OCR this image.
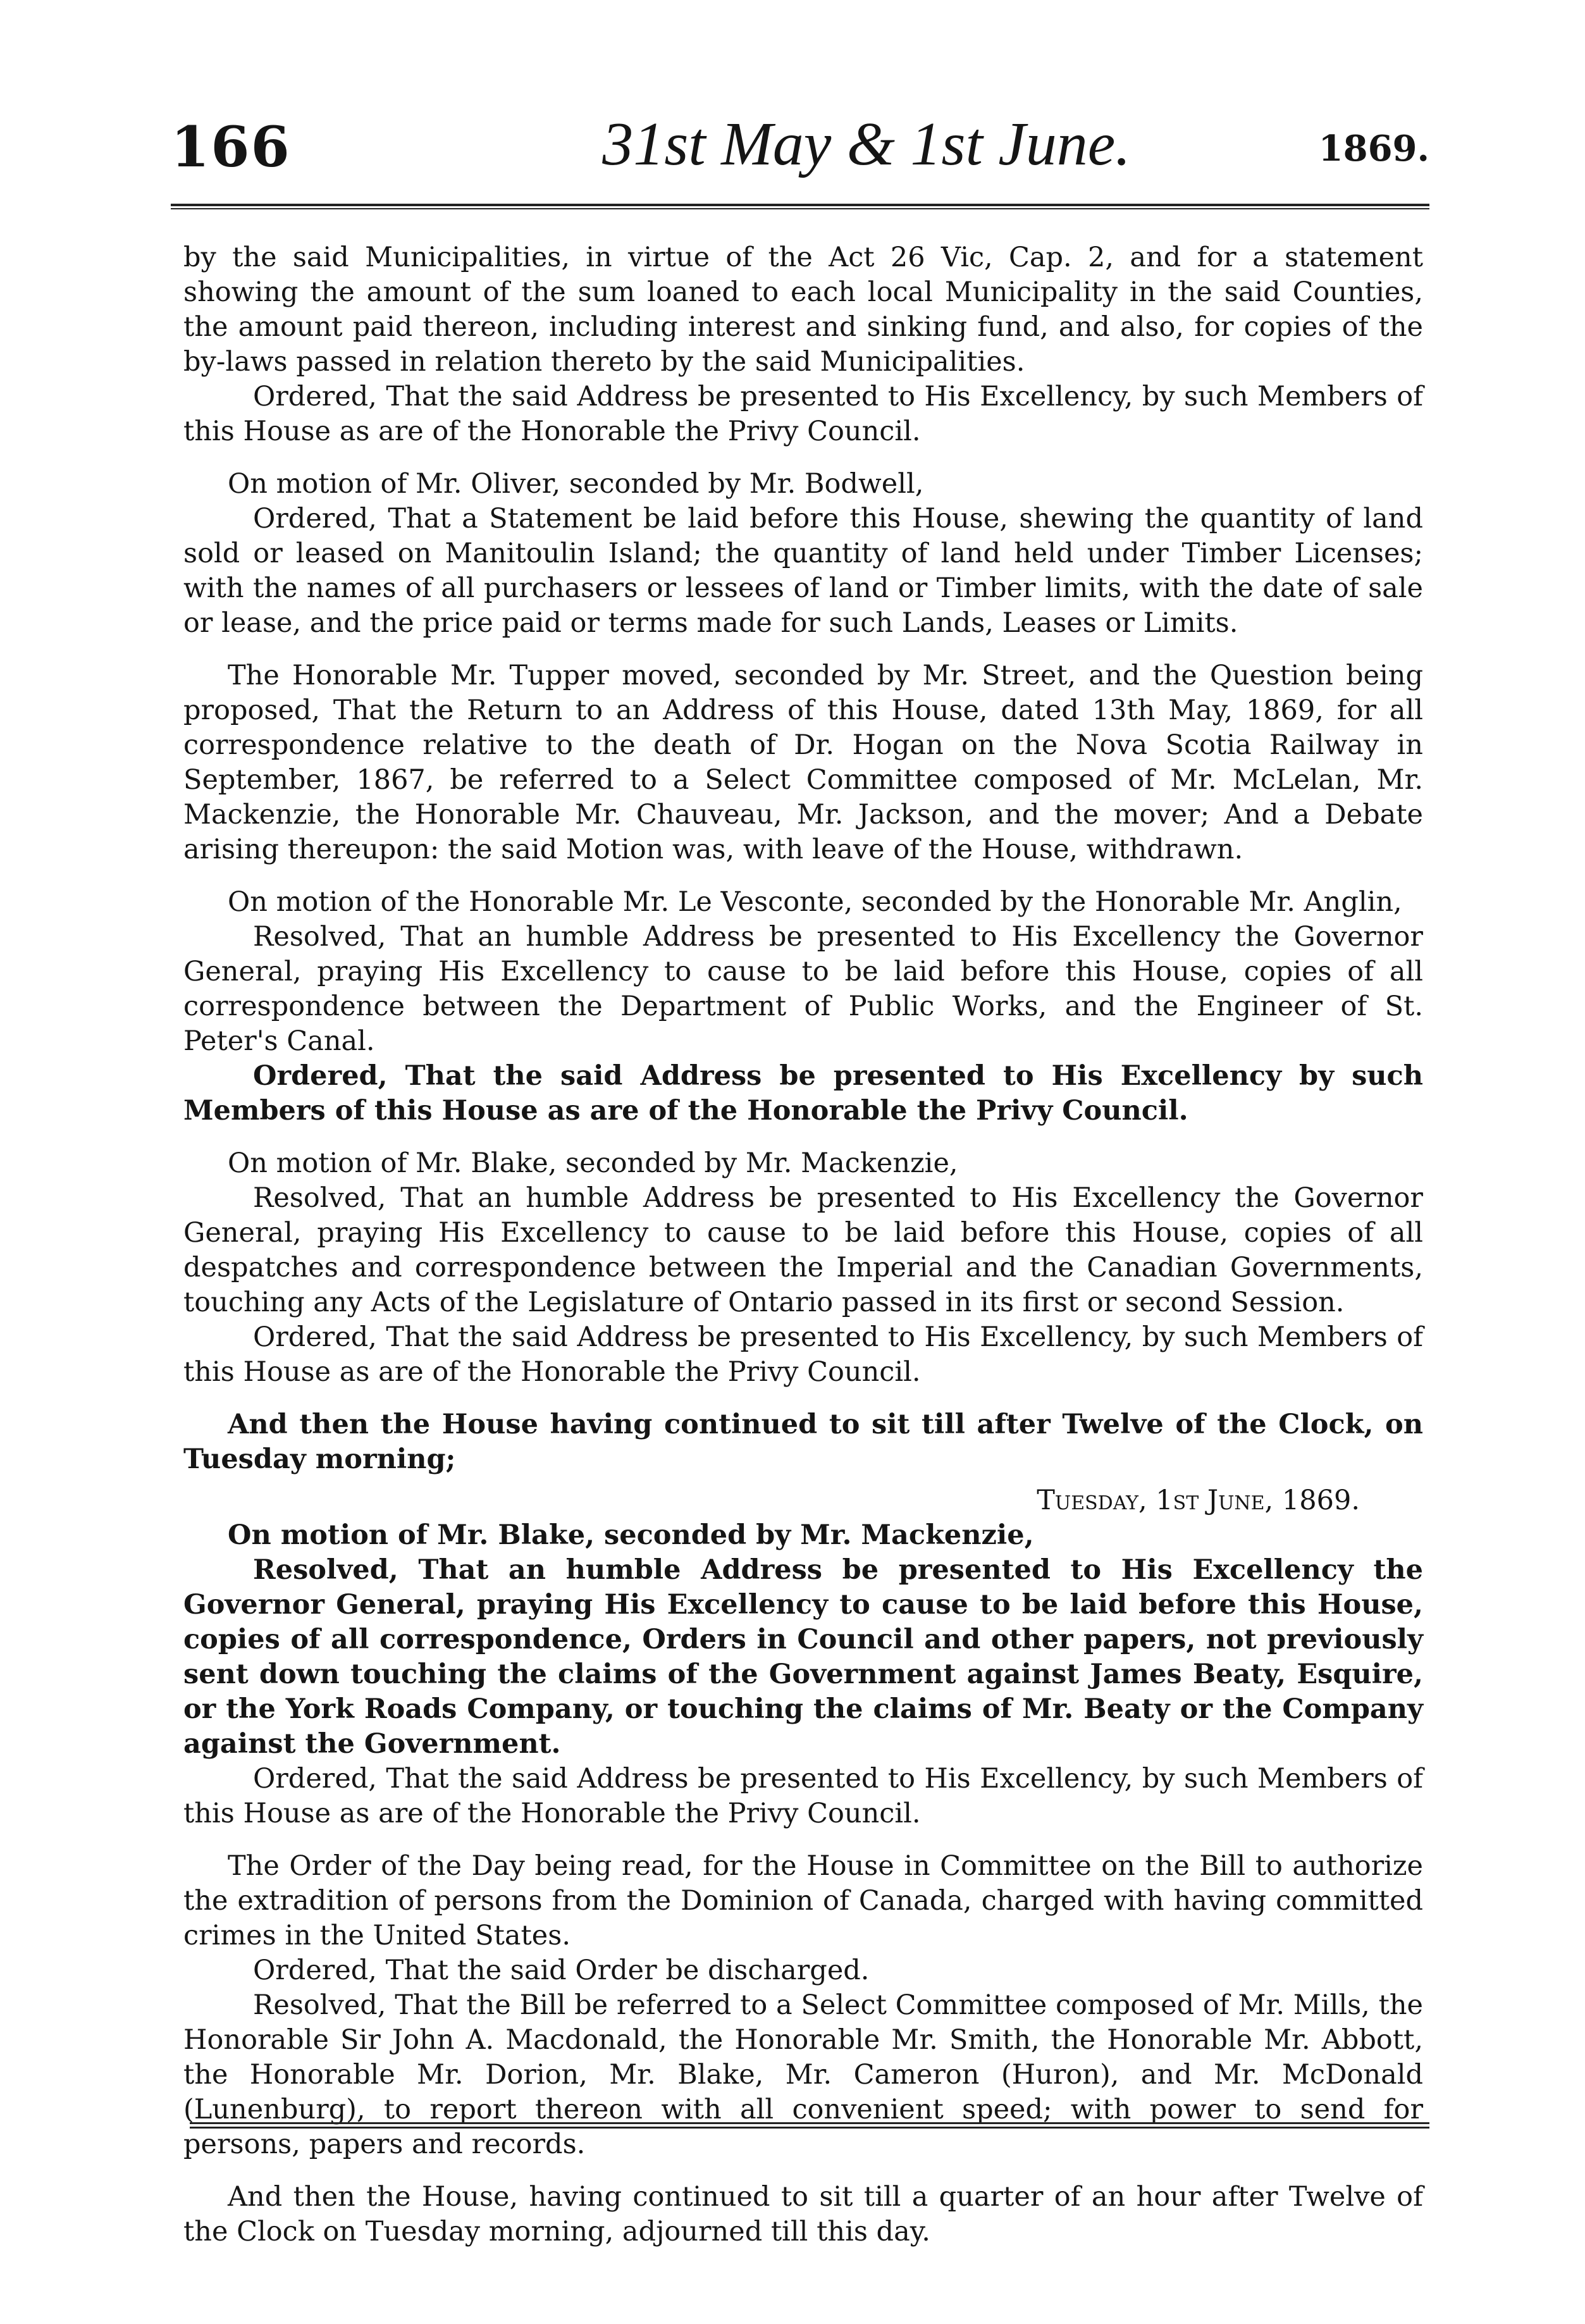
166	31st May & 1st June.	1869.

by the said Municipalities, in virtue of the Act 26 Vic, Cap. 2, and for a statement showing the amount of the sum loaned to each local Municipality in the said Counties, the amount paid thereon, including interest and sinking fund, and also, for copies of the by-laws passed in relation thereto by the said Municipalities.

Ordered, That the said Address be presented to His Excellency, by such Members of this House as are of the Honorable the Privy Council.

On motion of Mr. Oliver, seconded by Mr. Bodwell,

Ordered, That a Statement be laid before this House, shewing the quantity of land sold or leased on Manitoulin Island; the quantity of land held under Timber Licenses; with the names of all purchasers or lessees of land or Timber limits, with the date of sale or lease, and the price paid or terms made for such Lands, Leases or Limits.

The Honorable Mr. Tupper moved, seconded by Mr. Street, and the Question being proposed, That the Return to an Address of this House, dated 13th May, 1869, for all correspondence relative to the death of Dr. Hogan on the Nova Scotia Railway in September, 1867, be referred to a Select Committee composed of Mr. McLelan, Mr. Mackenzie, the Honorable Mr. Chauveau, Mr. Jackson, and the mover; And a Debate arising thereupon: the said Motion was, with leave of the House, withdrawn.

On motion of the Honorable Mr. Le Vesconte, seconded by the Honorable Mr. Anglin,

Resolved, That an humble Address be presented to His Excellency the Governor General, praying His Excellency to cause to be laid before this House, copies of all correspondence between the Department of Public Works, and the Engineer of St. Peter's Canal.

Ordered, That the said Address be presented to His Excellency by such Members of this House as are of the Honorable the Privy Council.

On motion of Mr. Blake, seconded by Mr. Mackenzie,

Resolved, That an humble Address be presented to His Excellency the Governor General, praying His Excellency to cause to be laid before this House, copies of all despatches and correspondence between the Imperial and the Canadian Governments, touching any Acts of the Legislature of Ontario passed in its first or second Session.

Ordered, That the said Address be presented to His Excellency, by such Members of this House as are of the Honorable the Privy Council.

And then the House having continued to sit till after Twelve of the Clock, on Tuesday morning;

Tuesday, 1st June, 1869.

On motion of Mr. Blake, seconded by Mr. Mackenzie,

Resolved, That an humble Address be presented to His Excellency the Governor General, praying His Excellency to cause to be laid before this House, copies of all correspondence, Orders in Council and other papers, not previously sent down touching the claims of the Government against James Beaty, Esquire, or the York Roads Company, or touching the claims of Mr. Beaty or the Company against the Government.

Ordered, That the said Address be presented to His Excellency, by such Members of this House as are of the Honorable the Privy Council.

The Order of the Day being read, for the House in Committee on the Bill to authorize the extradition of persons from the Dominion of Canada, charged with having committed crimes in the United States.

Ordered, That the said Order be discharged.

Resolved, That the Bill be referred to a Select Committee composed of Mr. Mills, the Honorable Sir John A. Macdonald, the Honorable Mr. Smith, the Honorable Mr. Abbott, the Honorable Mr. Dorion, Mr. Blake, Mr. Cameron (Huron), and Mr. McDonald (Lunenburg), to report thereon with all convenient speed; with power to send for persons, papers and records.

And then the House, having continued to sit till a quarter of an hour after Twelve of the Clock on Tuesday morning, adjourned till this day.
